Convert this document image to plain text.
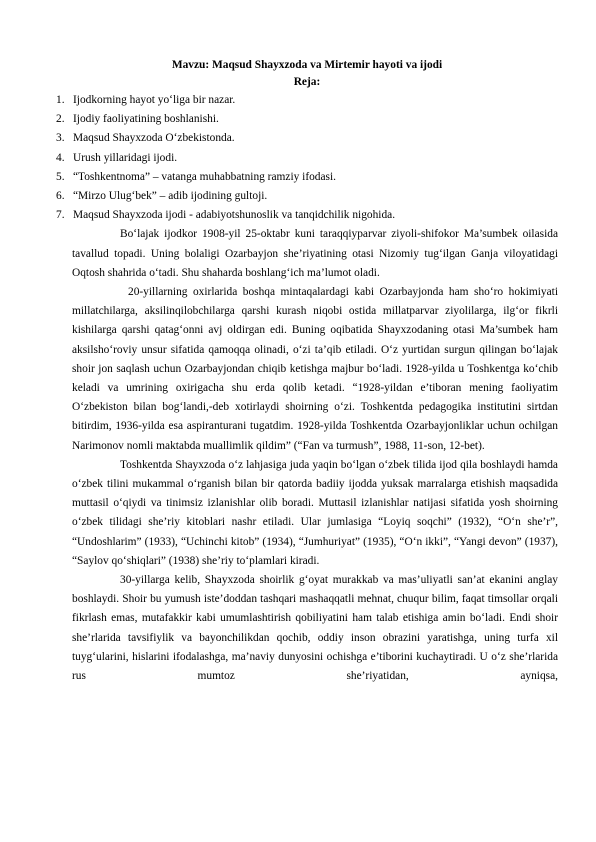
Mavzu: Maqsud Shayxzoda va Mirtemir hayoti va ijodi

Reja:

1. Ijodkorning hayot yo‘liga bir nazar.
2. Ijodiy faoliyatining boshlanishi.
3. Maqsud Shayxzoda O‘zbekistonda.
4. Urush yillaridagi ijodi.
5. “Toshkentnoma” – vatanga muhabbatning ramziy ifodasi.
6. “Mirzo Ulug‘bek” – adib ijodining gultoji.
7. Maqsud Shayxzoda ijodi - adabiyotshunoslik va tanqidchilik nigohida.

Bo‘lajak ijodkor 1908-yil 25-oktabr kuni taraqqiyparvar ziyoli-shifokor Ma’sumbek oilasida tavallud topadi. Uning bolaligi Ozarbayjon she’riyatining otasi Nizomiy tug‘ilgan Ganja viloyatidagi Oqtosh shahrida o‘tadi. Shu shaharda boshlang‘ich ma’lumot oladi.

20-yillarning oxirlarida boshqa mintaqalardagi kabi Ozarbayjonda ham sho‘ro hokimiyati millatchilarga, aksilinqilobchilarga qarshi kurash niqobi ostida millatparvar ziyolilarga, ilg‘or fikrli kishilarga qarshi qatag‘onni avj oldirgan edi. Buning oqibatida Shayxzodaning otasi Ma’sumbek ham aksilsho‘roviy unsur sifatida qamoqqa olinadi, o‘zi ta’qib etiladi. O‘z yurtidan surgun qilingan bo‘lajak shoir jon saqlash uchun Ozarbayjondan chiqib ketishga majbur bo‘ladi. 1928-yilda u Toshkentga ko‘chib keladi va umrining oxirigacha shu erda qolib ketadi. “1928-yildan e’tiboran mening faoliyatim O‘zbekiston bilan bog‘landi,-deb xotirlaydi shoirning o‘zi. Toshkentda pedagogika institutini sirtdan bitirdim, 1936-yilda esa aspiranturani tugatdim. 1928-yilda Toshkentda Ozarbayjonliklar uchun ochilgan Narimonov nomli maktabda muallimlik qildim” (“Fan va turmush”, 1988, 11-son, 12-bet).

Toshkentda Shayxzoda o‘z lahjasiga juda yaqin bo‘lgan o‘zbek tilida ijod qila boshlaydi hamda o‘zbek tilini mukammal o‘rganish bilan bir qatorda badiiy ijodda yuksak marralarga etishish maqsadida muttasil o‘qiydi va tinimsiz izlanishlar olib boradi. Muttasil izlanishlar natijasi sifatida yosh shoirning o‘zbek tilidagi she’riy kitoblari nashr etiladi. Ular jumlasiga “Loyiq soqchi” (1932), “O‘n she’r”, “Undoshlarim” (1933), “Uchinchi kitob” (1934), “Jumhuriyat” (1935), “O‘n ikki”, “Yangi devon” (1937), “Saylov qo‘shiqlari” (1938) she’riy to‘plamlari kiradi.

30-yillarga kelib, Shayxzoda shoirlik g‘oyat murakkab va mas’uliyatli san’at ekanini anglay boshlaydi. Shoir bu yumush iste’doddan tashqari mashaqqatli mehnat, chuqur bilim, faqat timsollar orqali fikrlash emas, mutafakkir kabi umumlashtirish qobiliyatini ham talab etishiga amin bo‘ladi. Endi shoir she’rlarida tavsifiylik va bayonchilikdan qochib, oddiy inson obrazini yaratishga, uning turfa xil tuyg‘ularini, hislarini ifodalashga, ma’naviy dunyosini ochishga e’tiborini kuchaytiradi. U o‘z she’rlarida rus mumtoz she’riyatidan, ayniqsa,
